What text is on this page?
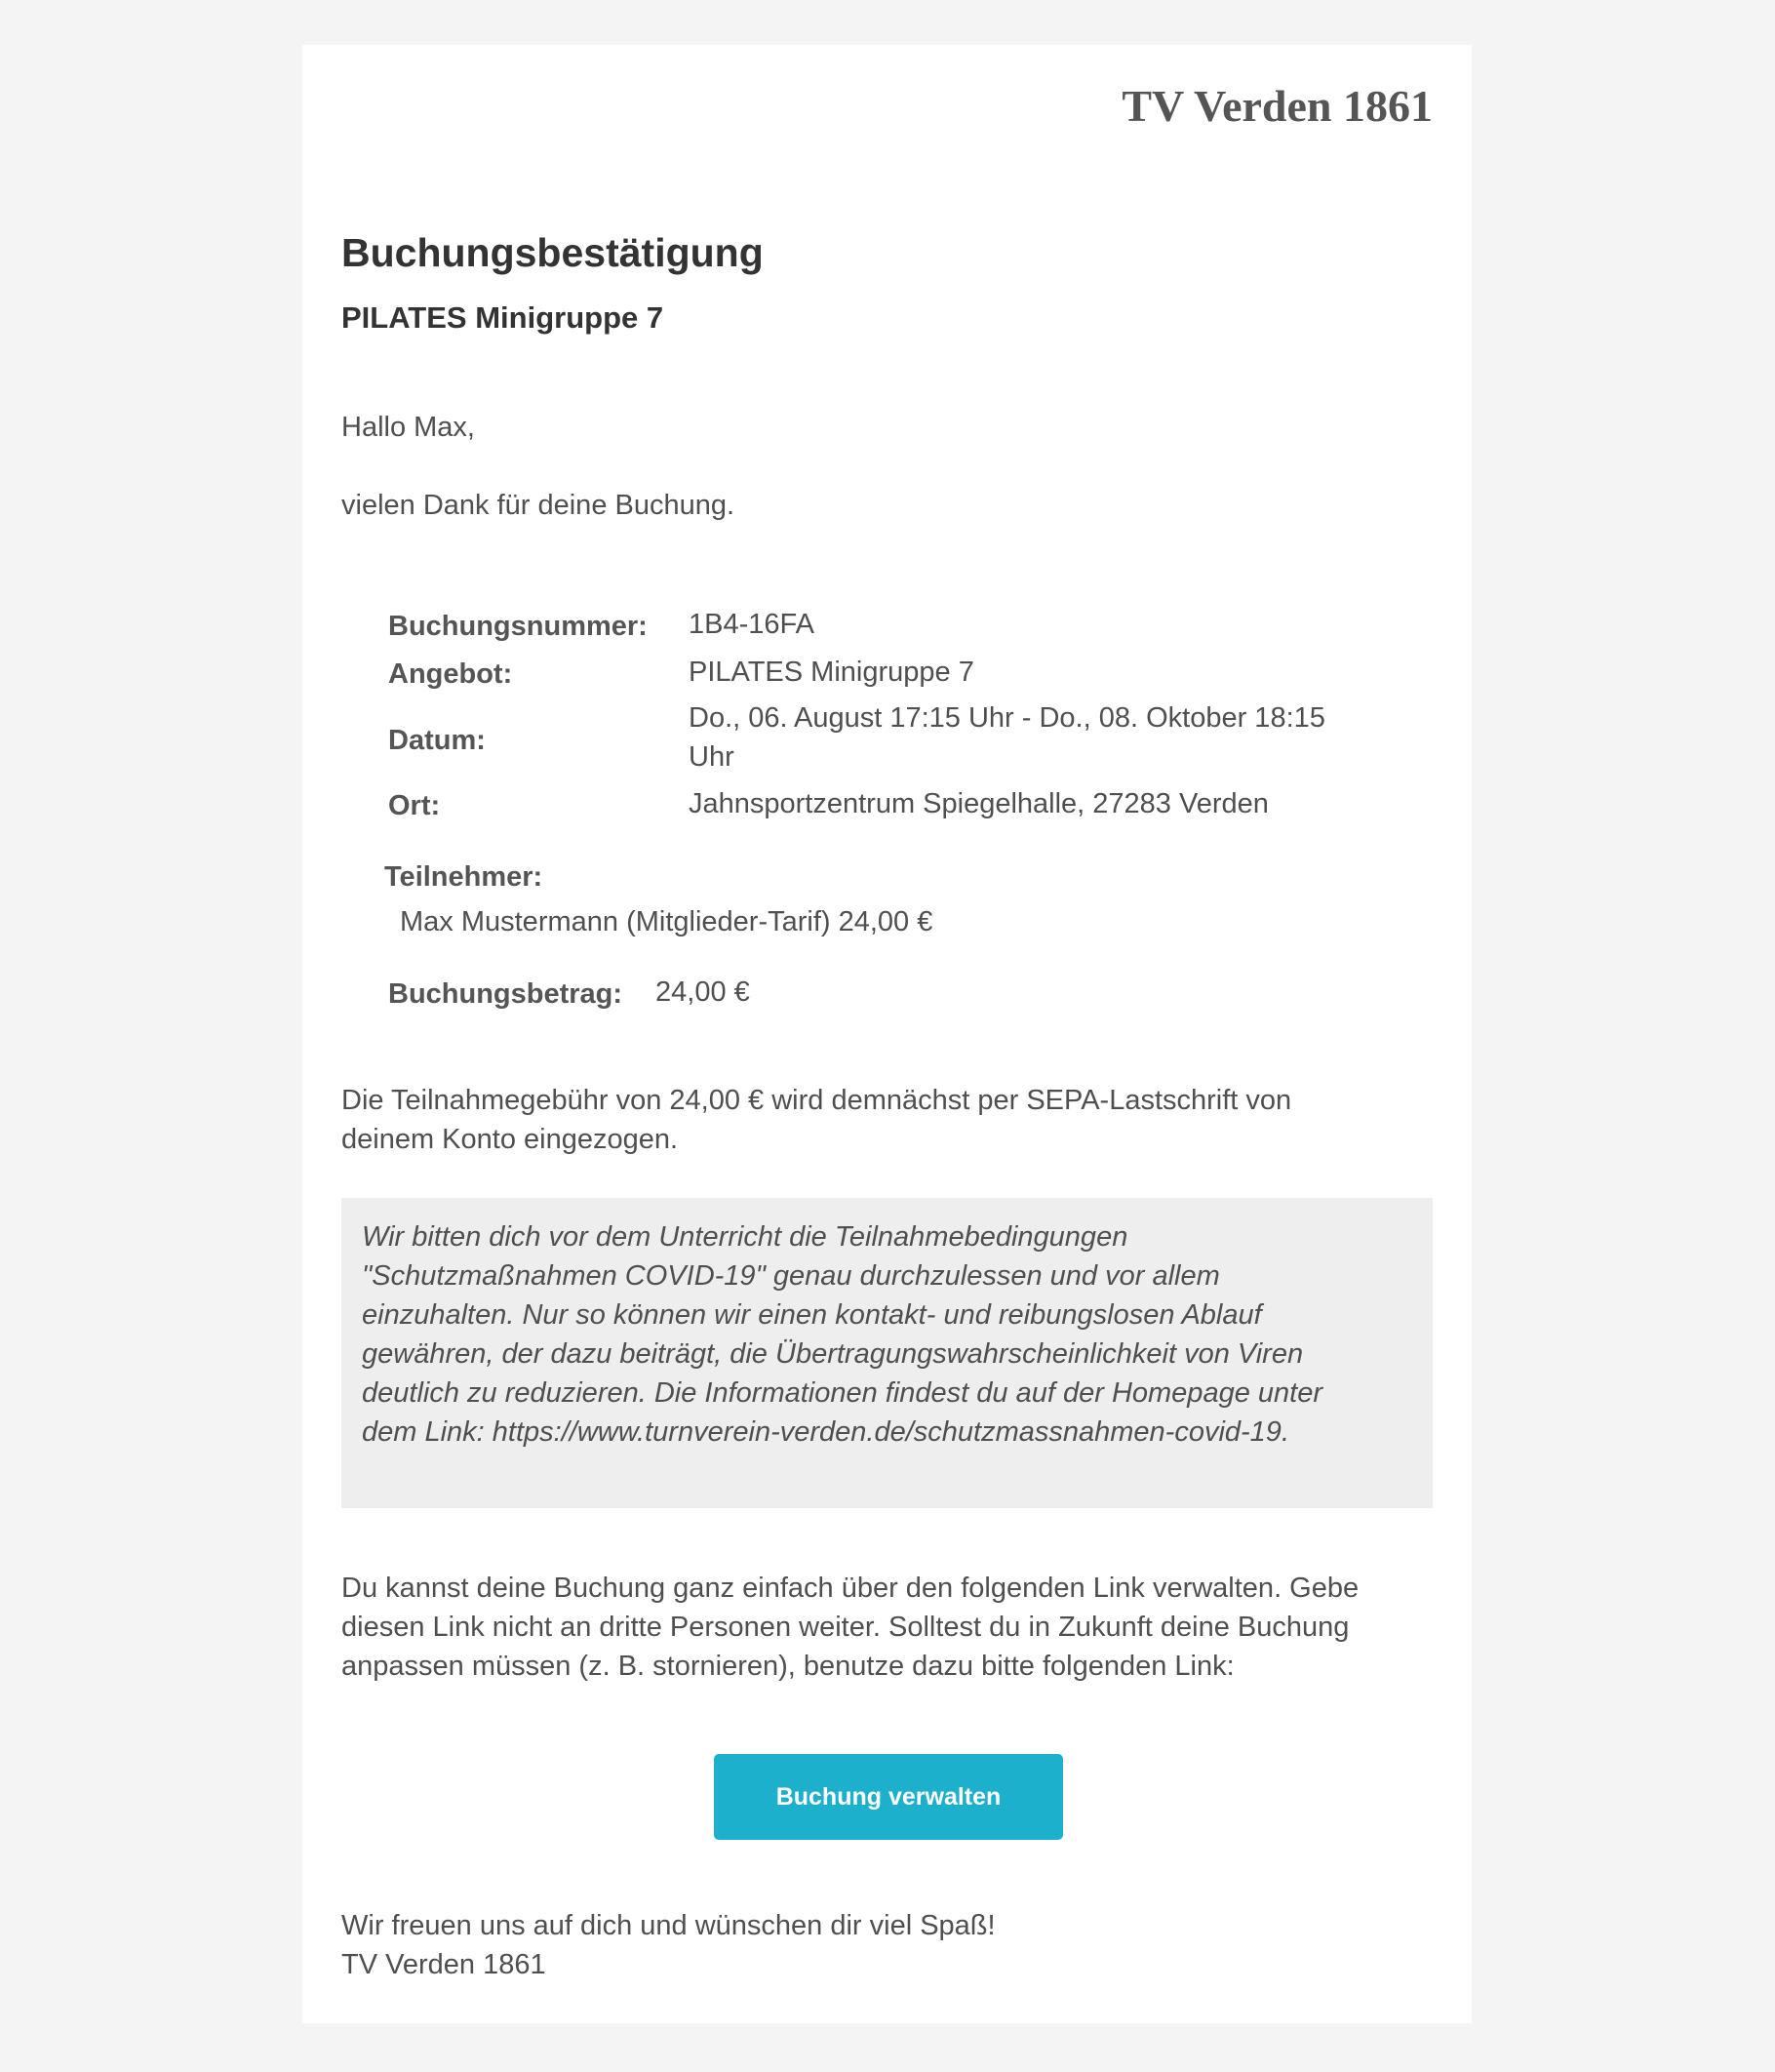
TV Verden 1861
Buchungsbestätigung
PILATES Minigruppe 7
Hallo Max,
vielen Dank für deine Buchung.
Buchungsnummer: 1B4-16FA
Angebot:	PILATES Minigruppe 7
Datum:
Do., 06. August 17:15 Uhr - Do., 08. Oktober 18:15
Uhr
Ort:	Jahnsportzentrum Spiegelhalle, 27283 Verden
Teilnehmer:
Max Mustermann (Mitglieder-Tarif) 24,00 €
Buchungsbetrag: 24,00 €
Die Teilnahmegebühr von 24,00 € wird demnächst per SEPA-Lastschrift von
deinem Konto eingezogen.
Wir bitten dich vor dem Unterricht die Teilnahmebedingungen
"Schutzmaßnahmen COVID-19" genau durchzulessen und vor allem
einzuhalten. Nur so können wir einen kontakt- und reibungslosen Ablauf
gewähren, der dazu beiträgt, die Übertragungswahrscheinlichkeit von Viren
deutlich zu reduzieren. Die Informationen findest du auf der Homepage unter
dem Link: https://www.turnverein-verden.de/schutzmassnahmen-covid-19.
Du kannst deine Buchung ganz einfach über den folgenden Link verwalten. Gebe
diesen Link nicht an dritte Personen weiter. Solltest du in Zukunft deine Buchung
anpassen müssen (z. B. stornieren), benutze dazu bitte folgenden Link:
Buchung verwalten
Wir freuen uns auf dich und wünschen dir viel Spaß!
TV Verden 1861
